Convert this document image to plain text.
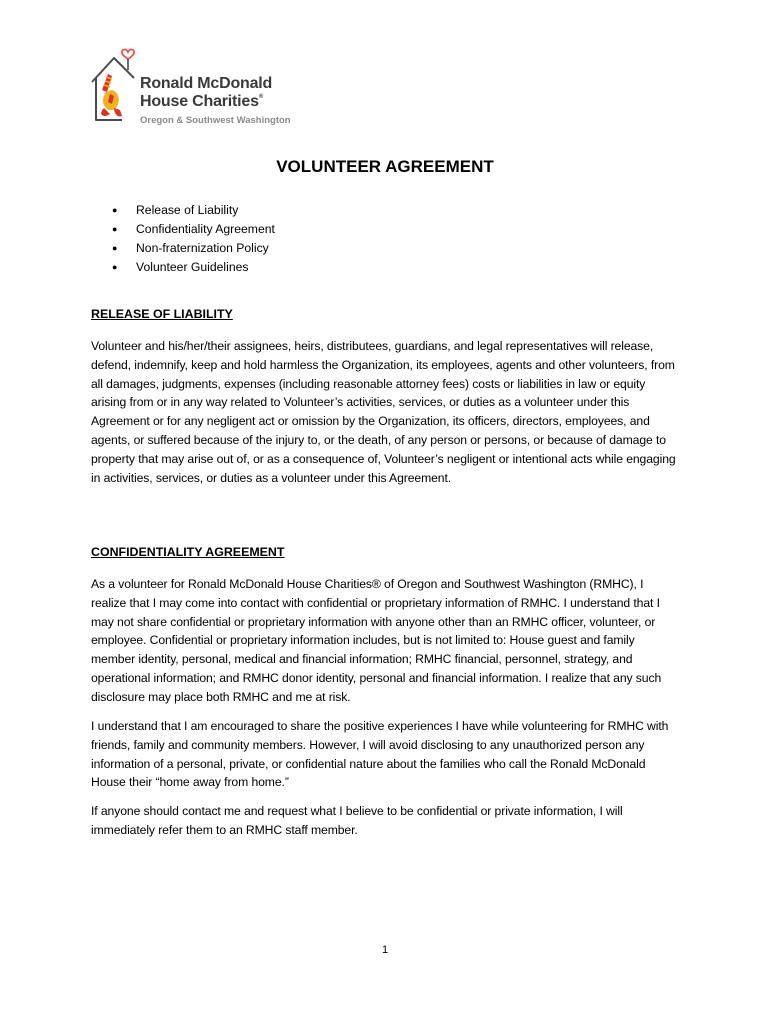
Ronald McDonald
House Charities®
Oregon & Southwest Washington
VOLUNTEER AGREEMENT
● Release of Liability
● Confidentiality Agreement
● Non-fraternization Policy
● Volunteer Guidelines
RELEASE OF LIABILITY

Volunteer and his/her/their assignees, heirs, distributees, guardians, and legal representatives will release, defend, indemnify, keep and hold harmless the Organization, its employees, agents and other volunteers, from all damages, judgments, expenses (including reasonable attorney fees) costs or liabilities in law or equity arising from or in any way related to Volunteer’s activities, services, or duties as a volunteer under this Agreement or for any negligent act or omission by the Organization, its officers, directors, employees, and agents, or suffered because of the injury to, or the death, of any person or persons, or because of damage to property that may arise out of, or as a consequence of, Volunteer’s negligent or intentional acts while engaging in activities, services, or duties as a volunteer under this Agreement.

CONFIDENTIALITY AGREEMENT

As a volunteer for Ronald McDonald House Charities® of Oregon and Southwest Washington (RMHC), I realize that I may come into contact with confidential or proprietary information of RMHC. I understand that I may not share confidential or proprietary information with anyone other than an RMHC officer, volunteer, or employee. Confidential or proprietary information includes, but is not limited to: House guest and family member identity, personal, medical and financial information; RMHC financial, personnel, strategy, and operational information; and RMHC donor identity, personal and financial information. I realize that any such disclosure may place both RMHC and me at risk.

I understand that I am encouraged to share the positive experiences I have while volunteering for RMHC with friends, family and community members. However, I will avoid disclosing to any unauthorized person any information of a personal, private, or confidential nature about the families who call the Ronald McDonald House their “home away from home.”

If anyone should contact me and request what I believe to be confidential or private information, I will immediately refer them to an RMHC staff member.

1
